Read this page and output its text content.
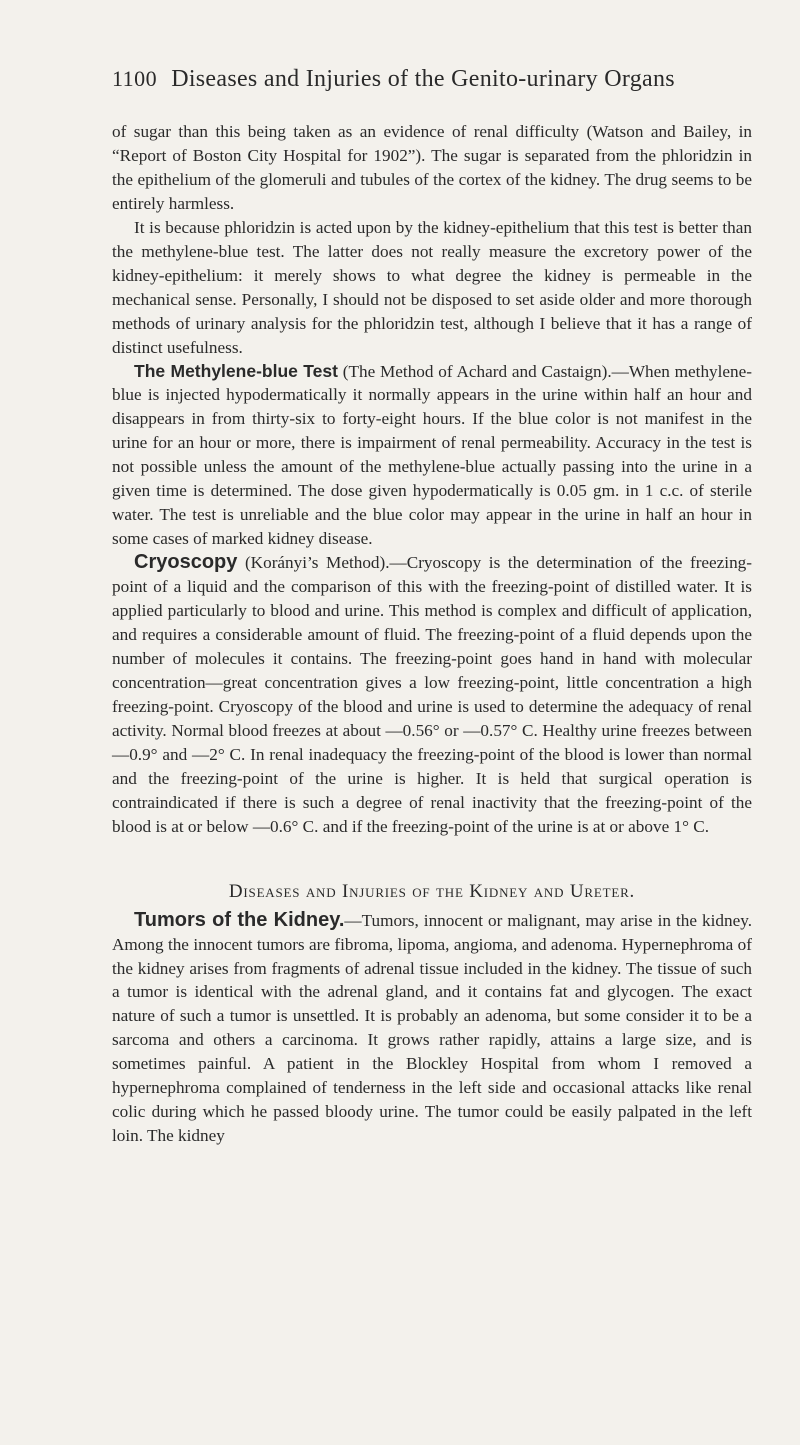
1100 Diseases and Injuries of the Genito-urinary Organs

of sugar than this being taken as an evidence of renal difficulty (Watson and Bailey, in “Report of Boston City Hospital for 1902”). The sugar is separated from the phloridzin in the epithelium of the glomeruli and tubules of the cortex of the kidney. The drug seems to be entirely harmless.

It is because phloridzin is acted upon by the kidney-epithelium that this test is better than the methylene-blue test. The latter does not really measure the excretory power of the kidney-epithelium: it merely shows to what degree the kidney is permeable in the mechanical sense. Personally, I should not be disposed to set aside older and more thorough methods of urinary analysis for the phloridzin test, although I believe that it has a range of distinct usefulness.

The Methylene-blue Test (The Method of Achard and Castaign).—When methylene-blue is injected hypodermatically it normally appears in the urine within half an hour and disappears in from thirty-six to forty-eight hours. If the blue color is not manifest in the urine for an hour or more, there is impairment of renal permeability. Accuracy in the test is not possible unless the amount of the methylene-blue actually passing into the urine in a given time is determined. The dose given hypodermatically is 0.05 gm. in 1 c.c. of sterile water. The test is unreliable and the blue color may appear in the urine in half an hour in some cases of marked kidney disease.

Cryoscopy (Korányi’s Method).—Cryoscopy is the determination of the freezing-point of a liquid and the comparison of this with the freezing-point of distilled water. It is applied particularly to blood and urine. This method is complex and difficult of application, and requires a considerable amount of fluid. The freezing-point of a fluid depends upon the number of molecules it contains. The freezing-point goes hand in hand with molecular concentration—great concentration gives a low freezing-point, little concentration a high freezing-point. Cryoscopy of the blood and urine is used to determine the adequacy of renal activity. Normal blood freezes at about —0.56° or —0.57° C. Healthy urine freezes between —0.9° and —2° C. In renal inadequacy the freezing-point of the blood is lower than normal and the freezing-point of the urine is higher. It is held that surgical operation is contraindicated if there is such a degree of renal inactivity that the freezing-point of the blood is at or below —0.6° C. and if the freezing-point of the urine is at or above 1° C.

Diseases and Injuries of the Kidney and Ureter.

Tumors of the Kidney.—Tumors, innocent or malignant, may arise in the kidney. Among the innocent tumors are fibroma, lipoma, angioma, and adenoma. Hypernephroma of the kidney arises from fragments of adrenal tissue included in the kidney. The tissue of such a tumor is identical with the adrenal gland, and it contains fat and glycogen. The exact nature of such a tumor is unsettled. It is probably an adenoma, but some consider it to be a sarcoma and others a carcinoma. It grows rather rapidly, attains a large size, and is sometimes painful. A patient in the Blockley Hospital from whom I removed a hypernephroma complained of tenderness in the left side and occasional attacks like renal colic during which he passed bloody urine. The tumor could be easily palpated in the left loin. The kidney
